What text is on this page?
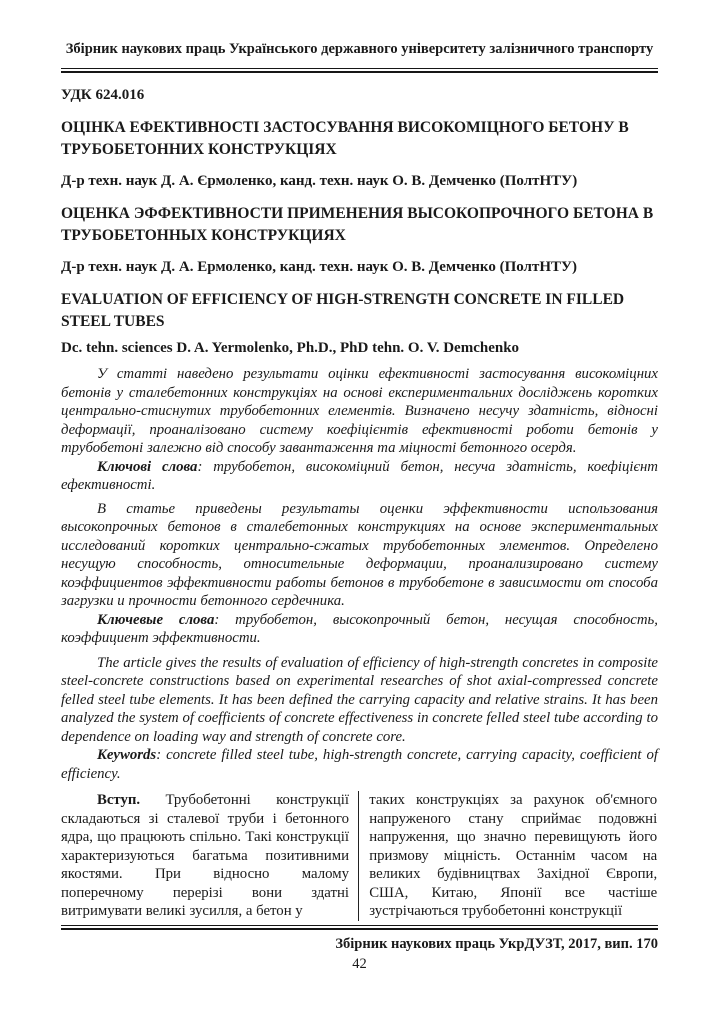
Збірник наукових праць Українського державного університету залізничного транспорту
УДК 624.016
ОЦІНКА ЕФЕКТИВНОСТІ ЗАСТОСУВАННЯ ВИСОКОМІЦНОГО БЕТОНУ В ТРУБОБЕТОННИХ КОНСТРУКЦІЯХ
Д-р техн. наук Д. А. Єрмоленко, канд. техн. наук О. В. Демченко (ПолтНТУ)
ОЦЕНКА ЭФФЕКТИВНОСТИ ПРИМЕНЕНИЯ ВЫСОКОПРОЧНОГО БЕТОНА В ТРУБОБЕТОННЫХ КОНСТРУКЦИЯХ
Д-р техн. наук Д. А. Ермоленко, канд. техн. наук О. В. Демченко (ПолтНТУ)
EVALUATION OF EFFICIENCY OF HIGH-STRENGTH CONCRETE IN FILLED STEEL TUBES
Dc. tehn. sciences D. A. Yermolenko, Ph.D., PhD tehn. O. V. Demchenko

У статті наведено результати оцінки ефективності застосування високоміцних бетонів у сталебетонних конструкціях на основі експериментальних досліджень коротких центрально-стиснутих трубобетонних елементів. Визначено несучу здатність, відносні деформації, проаналізовано систему коефіцієнтів ефективності роботи бетонів у трубобетоні залежно від способу завантаження та міцності бетонного осердя.

Ключові слова: трубобетон, високоміцний бетон, несуча здатність, коефіцієнт ефективності.

В статье приведены результаты оценки эффективности использования высокопрочных бетонов в сталебетонных конструкциях на основе экспериментальных исследований коротких центрально-сжатых трубобетонных элементов. Определено несущую способность, относительные деформации, проанализировано систему коэффициентов эффективности работы бетонов в трубобетоне в зависимости от способа загрузки и прочности бетонного сердечника.

Ключевые слова: трубобетон, высокопрочный бетон, несущая способность, коэффициент эффективности.

The article gives the results of evaluation of efficiency of high-strength concretes in composite steel-concrete constructions based on experimental researches of shot axial-compressed concrete felled steel tube elements. It has been defined the carrying capacity and relative strains. It has been analyzed the system of coefficients of concrete effectiveness in concrete felled steel tube according to dependence on loading way and strength of concrete core.

Keywords: concrete filled steel tube, high-strength concrete, carrying capacity, coefficient of efficiency.

Вступ. Трубобетонні конструкції складаються зі сталевої труби і бетонного ядра, що працюють спільно. Такі конструкції характеризуються багатьма позитивними якостями. При відносно малому поперечному перерізі вони здатні витримувати великі зусилля, а бетон у

таких конструкціях за рахунок об'ємного напруженого стану сприймає подовжні напруження, що значно перевищують його призмову міцність. Останнім часом на великих будівництвах Західної Європи, США, Китаю, Японії все частіше зустрічаються трубобетонні конструкції

Збірник наукових праць УкрДУЗТ, 2017, вип. 170
42
